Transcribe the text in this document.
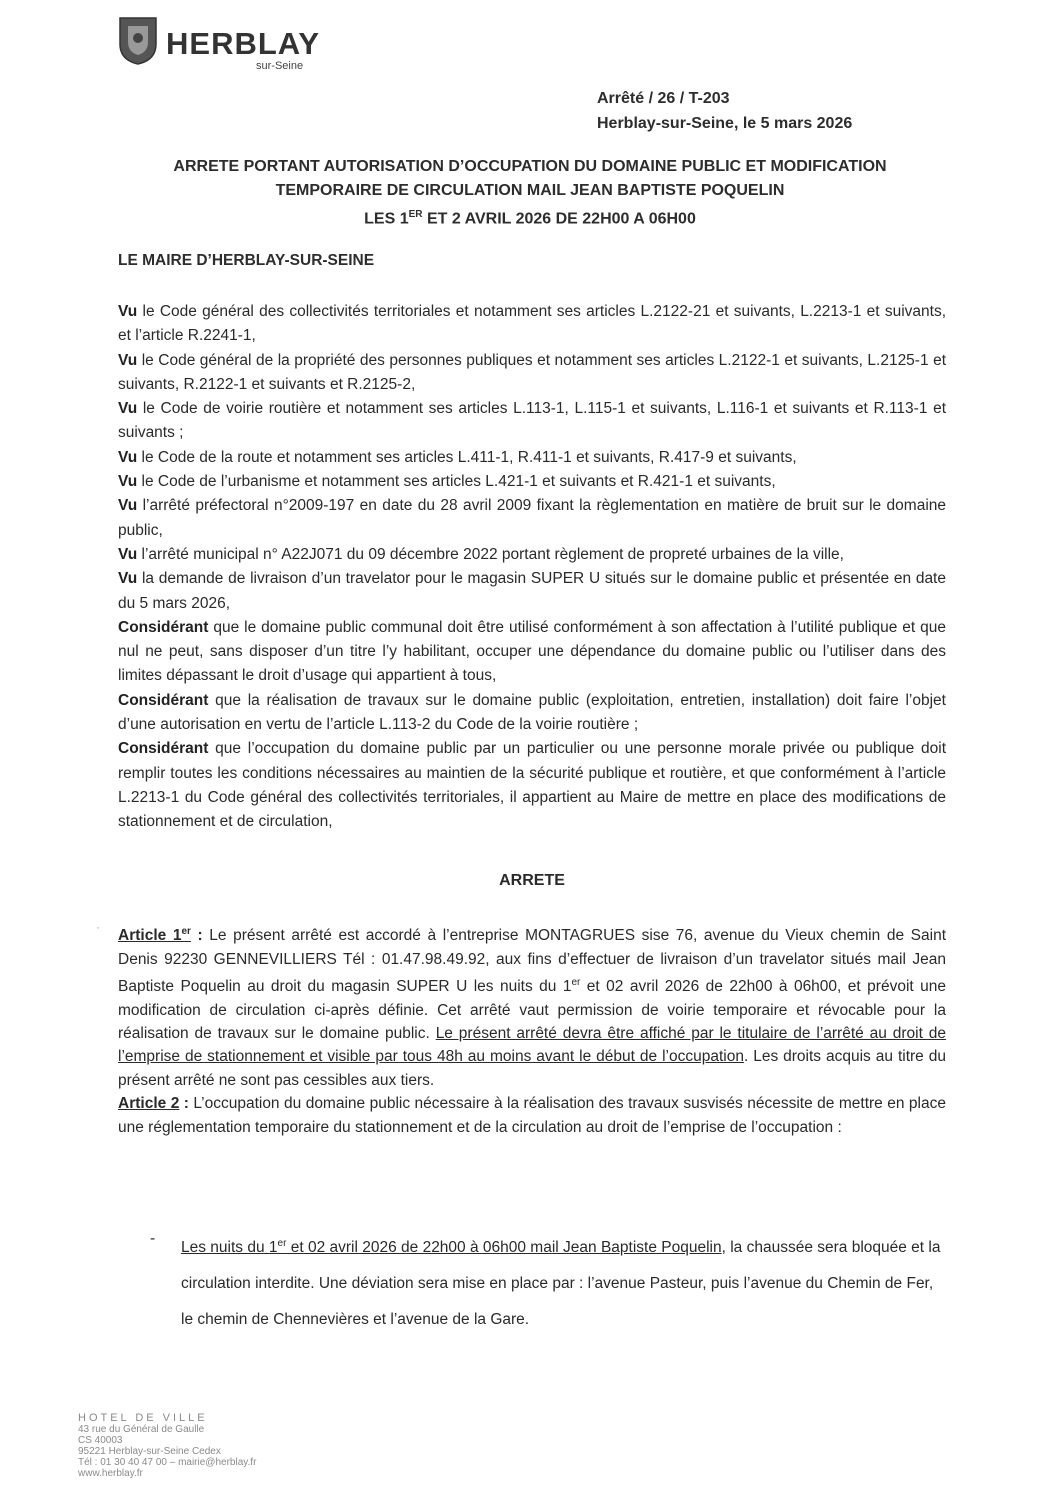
HERBLAY
sur-Seine
Arrêté / 26 / T-203
Herblay-sur-Seine, le 5 mars 2026
ARRETE PORTANT AUTORISATION D’OCCUPATION DU DOMAINE PUBLIC ET MODIFICATION
TEMPORAIRE DE CIRCULATION MAIL JEAN BAPTISTE POQUELIN
LES 1ER ET 2 AVRIL 2026 DE 22H00 A 06H00
LE MAIRE D’HERBLAY-SUR-SEINE

Vu le Code général des collectivités territoriales et notamment ses articles L.2122-21 et suivants, L.2213-1 et suivants, et l’article R.2241-1,

Vu le Code général de la propriété des personnes publiques et notamment ses articles L.2122-1 et suivants, L.2125-1 et suivants, R.2122-1 et suivants et R.2125-2,

Vu le Code de voirie routière et notamment ses articles L.113-1, L.115-1 et suivants, L.116-1 et suivants et R.113-1 et suivants ;

Vu le Code de la route et notamment ses articles L.411-1, R.411-1 et suivants, R.417-9 et suivants,

Vu le Code de l’urbanisme et notamment ses articles L.421-1 et suivants et R.421-1 et suivants,

Vu l’arrêté préfectoral n°2009-197 en date du 28 avril 2009 fixant la règlementation en matière de bruit sur le domaine public,

Vu l’arrêté municipal n° A22J071 du 09 décembre 2022 portant règlement de propreté urbaines de la ville,

Vu la demande de livraison d’un travelator pour le magasin SUPER U situés sur le domaine public et présentée en date du 5 mars 2026,

Considérant que le domaine public communal doit être utilisé conformément à son affectation à l’utilité publique et que nul ne peut, sans disposer d’un titre l’y habilitant, occuper une dépendance du domaine public ou l’utiliser dans des limites dépassant le droit d’usage qui appartient à tous,

Considérant que la réalisation de travaux sur le domaine public (exploitation, entretien, installation) doit faire l’objet d’une autorisation en vertu de l’article L.113-2 du Code de la voirie routière ;

Considérant que l’occupation du domaine public par un particulier ou une personne morale privée ou publique doit remplir toutes les conditions nécessaires au maintien de la sécurité publique et routière, et que conformément à l’article L.2213-1 du Code général des collectivités territoriales, il appartient au Maire de mettre en place des modifications de stationnement et de circulation,

ARRETE
·

Article 1er : Le présent arrêté est accordé à l’entreprise MONTAGRUES sise 76, avenue du Vieux chemin de Saint Denis 92230 GENNEVILLIERS Tél : 01.47.98.49.92, aux fins d’effectuer de livraison d’un travelator situés mail Jean Baptiste Poquelin au droit du magasin SUPER U les nuits du 1er et 02 avril 2026 de 22h00 à 06h00, et prévoit une modification de circulation ci-après définie. Cet arrêté vaut permission de voirie temporaire et révocable pour la réalisation de travaux sur le domaine public. Le présent arrêté devra être affiché par le titulaire de l’arrêté au droit de l’emprise de stationnement et visible par tous 48h au moins avant le début de l’occupation. Les droits acquis au titre du présent arrêté ne sont pas cessibles aux tiers.

Article 2 : L’occupation du domaine public nécessaire à la réalisation des travaux susvisés nécessite de mettre en place une réglementation temporaire du stationnement et de la circulation au droit de l’emprise de l’occupation :

-

Les nuits du 1er et 02 avril 2026 de 22h00 à 06h00 mail Jean Baptiste Poquelin, la chaussée sera bloquée et la circulation interdite. Une déviation sera mise en place par : l’avenue Pasteur, puis l’avenue du Chemin de Fer, le chemin de Chennevières et l’avenue de la Gare.

HOTEL DE VILLE
43 rue du Général de Gaulle
CS 40003
95221 Herblay-sur-Seine Cedex
Tél : 01 30 40 47 00 – mairie@herblay.fr
www.herblay.fr
